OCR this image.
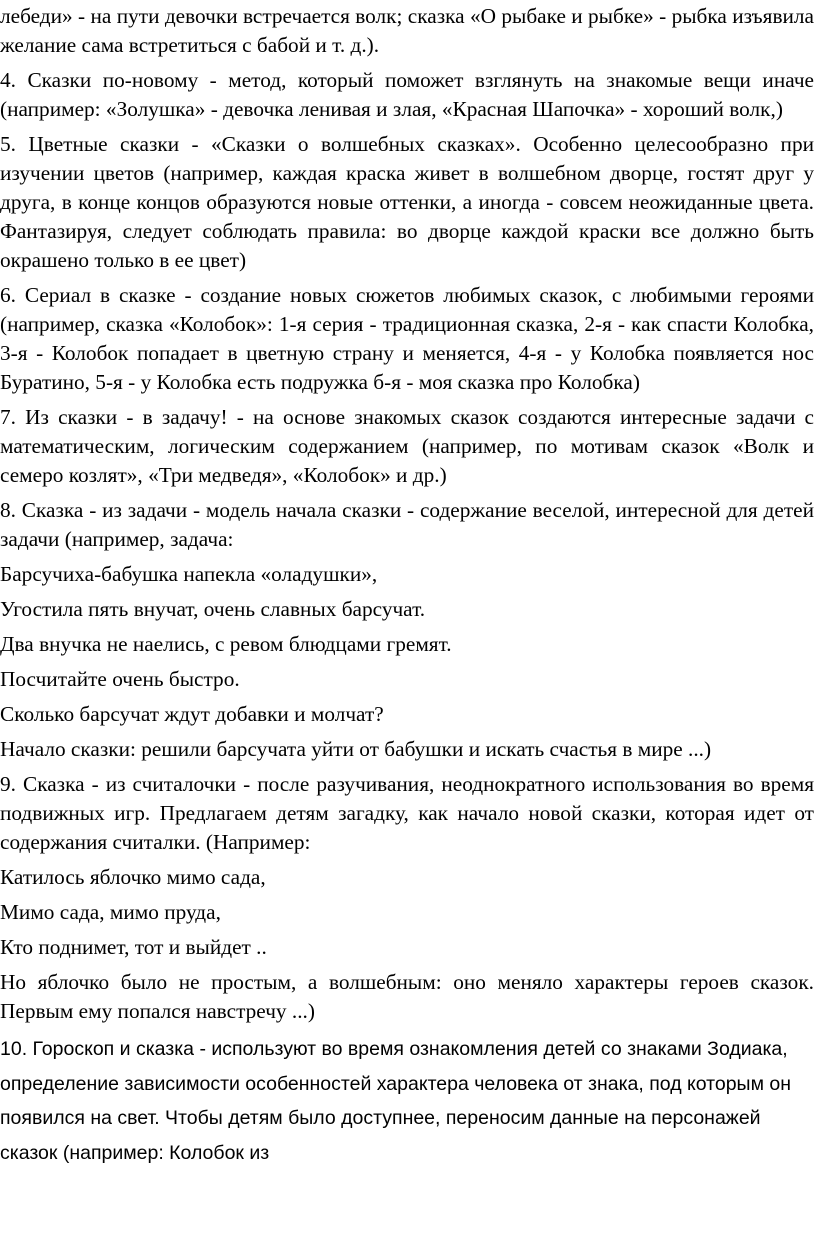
лебеди» - на пути девочки встречается волк; сказка «О рыбаке и рыбке» - рыбка изъявила желание сама встретиться с бабой и т. д.).

4. Сказки по-новому - метод, который поможет взглянуть на знакомые вещи иначе (например: «Золушка» - девочка ленивая и злая, «Красная Шапочка» - хороший волк,)

5. Цветные сказки - «Сказки о волшебных сказках». Особенно целесообразно при изучении цветов (например, каждая краска живет в волшебном дворце, гостят друг у друга, в конце концов образуются новые оттенки, а иногда - совсем неожиданные цвета. Фантазируя, следует соблюдать правила: во дворце каждой краски все должно быть окрашено только в ее цвет)

6. Сериал в сказке - создание новых сюжетов любимых сказок, с любимыми героями (например, сказка «Колобок»: 1-я серия - традиционная сказка, 2-я - как спасти Колобка, 3-я - Колобок попадает в цветную страну и меняется, 4-я - у Колобка появляется нос Буратино, 5-я - у Колобка есть подружка б-я - моя сказка про Колобка)

7. Из сказки - в задачу! - на основе знакомых сказок создаются интересные задачи с математическим, логическим содержанием (например, по мотивам сказок «Волк и семеро козлят», «Три медведя», «Колобок» и др.)

8. Сказка - из задачи - модель начала сказки - содержание веселой, интересной для детей задачи (например, задача:

Барсучиха-бабушка напекла «оладушки»,

Угостила пять внучат, очень славных барсучат.

Два внучка не наелись, с ревом блюдцами гремят.

Посчитайте очень быстро.

Сколько барсучат ждут добавки и молчат?

Начало сказки: решили барсучата уйти от бабушки и искать счастья в мире ...)

9. Сказка - из считалочки - после разучивания, неоднократного использования во время подвижных игр. Предлагаем детям загадку, как начало новой сказки, которая идет от содержания считалки. (Например:

Катилось яблочко мимо сада,

Мимо сада, мимо пруда,

Кто поднимет, тот и выйдет ..

Но яблочко было не простым, а волшебным: оно меняло характеры героев сказок. Первым ему попался навстречу ...)

10. Гороскоп и сказка - используют во время ознакомления детей со знаками Зодиака, определение зависимости особенностей характера человека от знака, под которым он появился на свет. Чтобы детям было доступнее, переносим данные на персонажей сказок (например: Колобок из
